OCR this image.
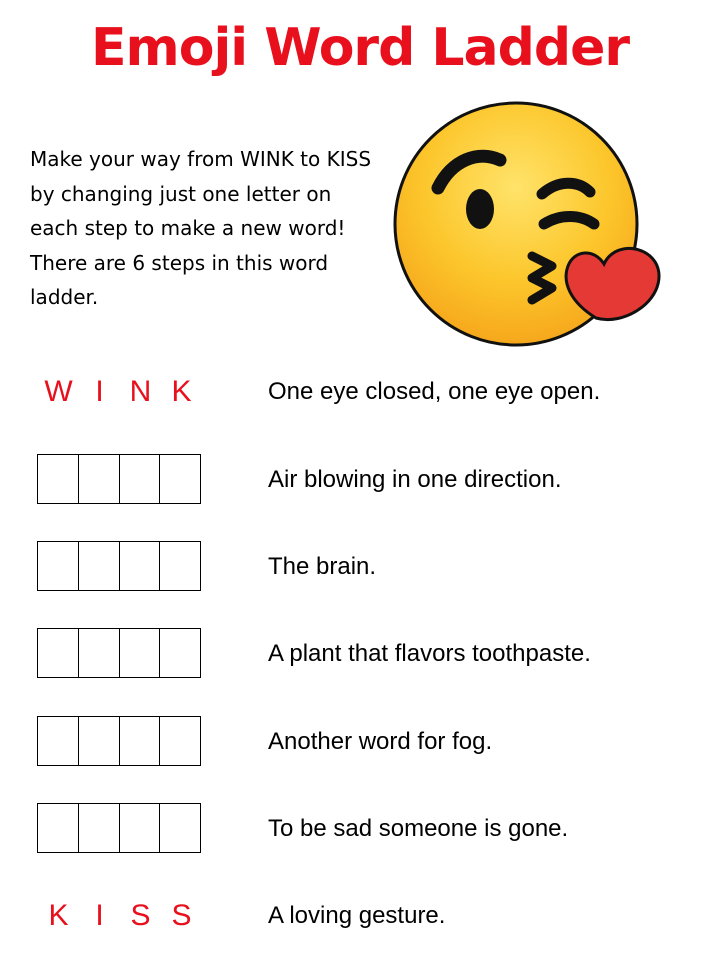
Emoji Word Ladder

Make your way from WINK to KISS by changing just one letter on each step to make a new word! There are 6 steps in this word ladder.

W I N K	One eye closed, one eye open.
Air blowing in one direction.
The brain.
A plant that flavors toothpaste.
Another word for fog.
To be sad someone is gone.
K I S S	A loving gesture.
